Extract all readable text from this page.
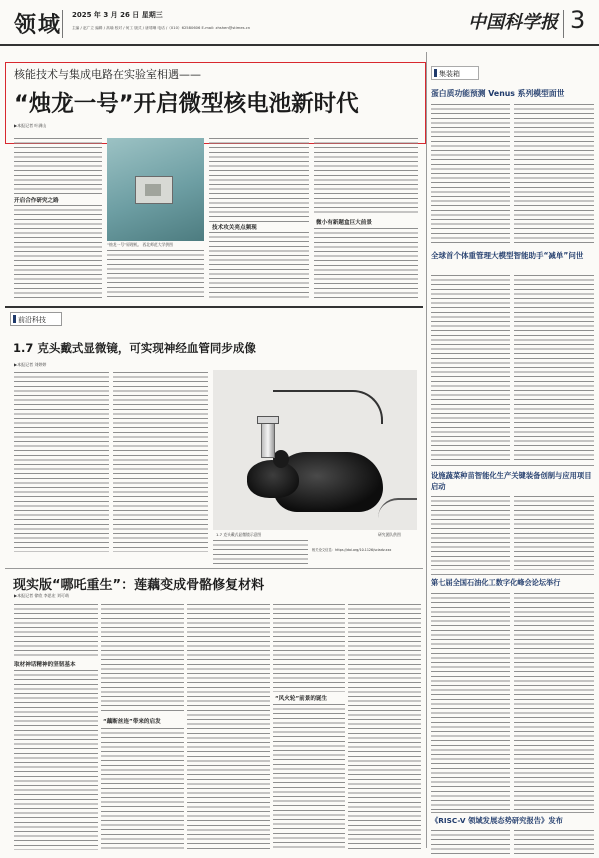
领域 2025 年 3 月 26 日 星期三
主编 / 赵广立 编辑 / 高瑜 校对 / 何工 版式 / 唐靖琳 电话 /（010）62580606 E-mail: zhshen@stimes.cn	中国科学报 3
核能技术与集成电路在实验室相遇——
“烛龙一号”开启微型核电池新时代
▶本报记者 叶满山
开启合作研究之路
“烛龙一号”原理机。 西北师范大学供图
技术攻关亮点频现
微小有新题盒巨大前景
集装箱
蛋白质功能预测 Venus 系列模型面世
全球首个体重管理大模型智能助手“减单”问世
设施蔬菜种苗智能化生产关键装备创制与应用项目启动
第七届全国石油化工数字化峰会论坛举行
《RISC-V 领域发展态势研究报告》发布
前沿科技
1.7 克头戴式显微镜，可实现神经血管同步成像
▶本报记者 刘婷婷
1.7 克头戴式显微镜示意图	研究团队供图
相关论文信息：https://doi.org/10.1126/sciadv.xxx
现实版“哪吒重生”：莲藕变成骨骼修复材料
▶本报记者 徐欣 李思宏 刘可萌
取材神话精神的坚韧基本
“藕断丝连”带来的启发
“风火轮”前景的诞生
